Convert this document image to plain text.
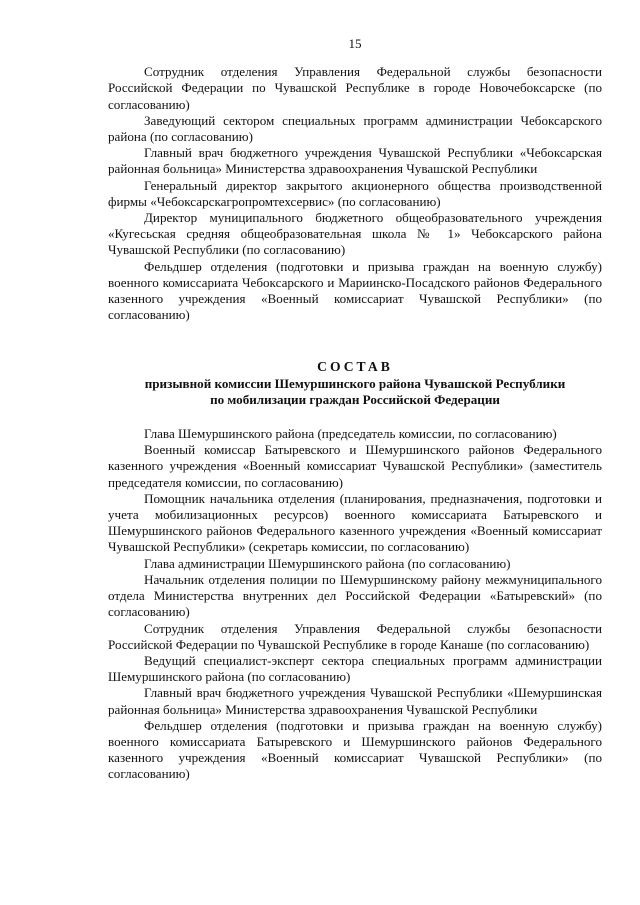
15

Сотрудник отделения Управления Федеральной службы безопасности Российской Федерации по Чувашской Республике в городе Новочебоксарске (по согласованию)

Заведующий сектором специальных программ администрации Чебоксарского района (по согласованию)

Главный врач бюджетного учреждения Чувашской Республики «Чебоксарская районная больница» Министерства здравоохранения Чувашской Республики

Генеральный директор закрытого акционерного общества производственной фирмы «Чебоксарскагропромтехсервис» (по согласованию)

Директор муниципального бюджетного общеобразовательного учреждения «Кугесьская средняя общеобразовательная школа № 1» Чебоксарского района Чувашской Республики (по согласованию)

Фельдшер отделения (подготовки и призыва граждан на военную службу) военного комиссариата Чебоксарского и Мариинско-Посадского районов Федерального казенного учреждения «Военный комиссариат Чувашской Республики» (по согласованию)

СОСТАВ

призывной комиссии Шемуршинского района Чувашской Республики

по мобилизации граждан Российской Федерации

Глава Шемуршинского района (председатель комиссии, по согласованию)

Военный комиссар Батыревского и Шемуршинского районов Федерального казенного учреждения «Военный комиссариат Чувашской Республики» (заместитель председателя комиссии, по согласованию)

Помощник начальника отделения (планирования, предназначения, подготовки и учета мобилизационных ресурсов) военного комиссариата Батыревского и Шемуршинского районов Федерального казенного учреждения «Военный комиссариат Чувашской Республики» (секретарь комиссии, по согласованию)

Глава администрации Шемуршинского района (по согласованию)

Начальник отделения полиции по Шемуршинскому району межмуниципального отдела Министерства внутренних дел Российской Федерации «Батыревский» (по согласованию)

Сотрудник отделения Управления Федеральной службы безопасности Российской Федерации по Чувашской Республике в городе Канаше (по согласованию)

Ведущий специалист-эксперт сектора специальных программ администрации Шемуршинского района (по согласованию)

Главный врач бюджетного учреждения Чувашской Республики «Шемуршинская районная больница» Министерства здравоохранения Чувашской Республики

Фельдшер отделения (подготовки и призыва граждан на военную службу) военного комиссариата Батыревского и Шемуршинского районов Федерального казенного учреждения «Военный комиссариат Чувашской Республики» (по согласованию)
